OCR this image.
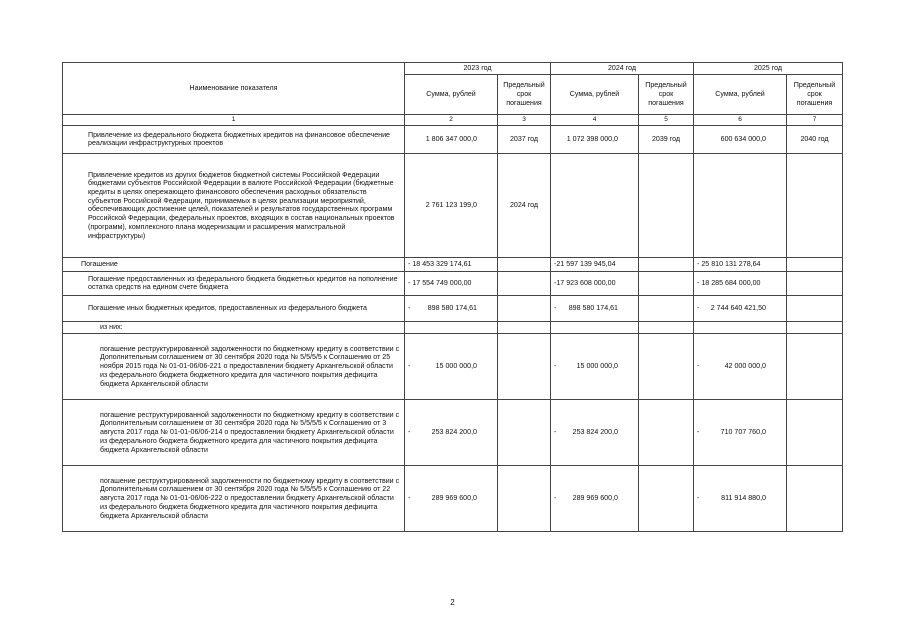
Наименование показателя	2023 год		2024 год		2025 год	
	Сумма, рублей	Предельный срок погашения	Сумма, рублей	Предельный срок погашения	Сумма, рублей	Предельный срок погашения
1	2	3	4	5	6	7
Привлечение из федерального бюджета бюджетных кредитов на финансовое обеспечение реализации инфраструктурных проектов	1 806 347 000,0	2037 год	1 072 398 000,0	2039 год	600 634 000,0	2040 год
Привлечение кредитов из других бюджетов бюджетной системы Российской Федерации бюджетами субъектов Российской Федерации в валюте Российской Федерации (бюджетные кредиты в целях опережающего финансового обеспечения расходных обязательств субъектов Российской Федерации, принимаемых в целях реализации мероприятий, обеспечивающих достижение целей, показателей и результатов государственных программ Российской Федерации, федеральных проектов, входящих в состав национальных проектов (программ), комплексного плана модернизации и расширения магистральной инфраструктуры)	2 761 123 199,0	2024 год	

Погашение	- 18 453 329 174,61		-21 597 139 945,04		- 25 810 131 278,64	

Погашение предоставленных из федерального бюджета бюджетных кредитов на пополнение остатка средств на едином счете бюджета	- 17 554 749 000,00		-17 923 608 000,00		- 18 285 684 000,00	

Погашение иных бюджетных кредитов, предоставленных из федерального бюджета	- 898 580 174,61		- 898 580 174,61		- 2 744 640 421,50	

из них:	

погашение реструктурированной задолженности по бюджетному кредиту в соответствии с Дополнительным соглашением от 30 сентября 2020 года № 5/5/5/5 к Соглашению от 25 ноября 2015 года № 01-01-06/06-221 о предоставлении бюджету Архангельской области из федерального бюджета бюджетного кредита для частичного покрытия дефицита бюджета Архангельской области	- 15 000 000,0		- 15 000 000,0		- 42 000 000,0	

погашение реструктурированной задолженности по бюджетному кредиту в соответствии с Дополнительным соглашением от 30 сентября 2020 года № 5/5/5/5 к Соглашению от 3 августа 2017 года № 01-01-06/06-214 о предоставлении бюджету Архангельской области из федерального бюджета бюджетного кредита для частичного покрытия дефицита бюджета Архангельской области	- 253 824 200,0		- 253 824 200,0		- 710 707 760,0	

погашение реструктурированной задолженности по бюджетному кредиту в соответствии с Дополнительным соглашением от 30 сентября 2020 года № 5/5/5/5 к Соглашению от 22 августа 2017 года № 01-01-06/06-222 о предоставлении бюджету Архангельской области из федерального бюджета бюджетного кредита для частичного покрытия дефицита бюджета Архангельской области	- 289 969 600,0		- 289 969 600,0		- 811 914 880,0	

2
